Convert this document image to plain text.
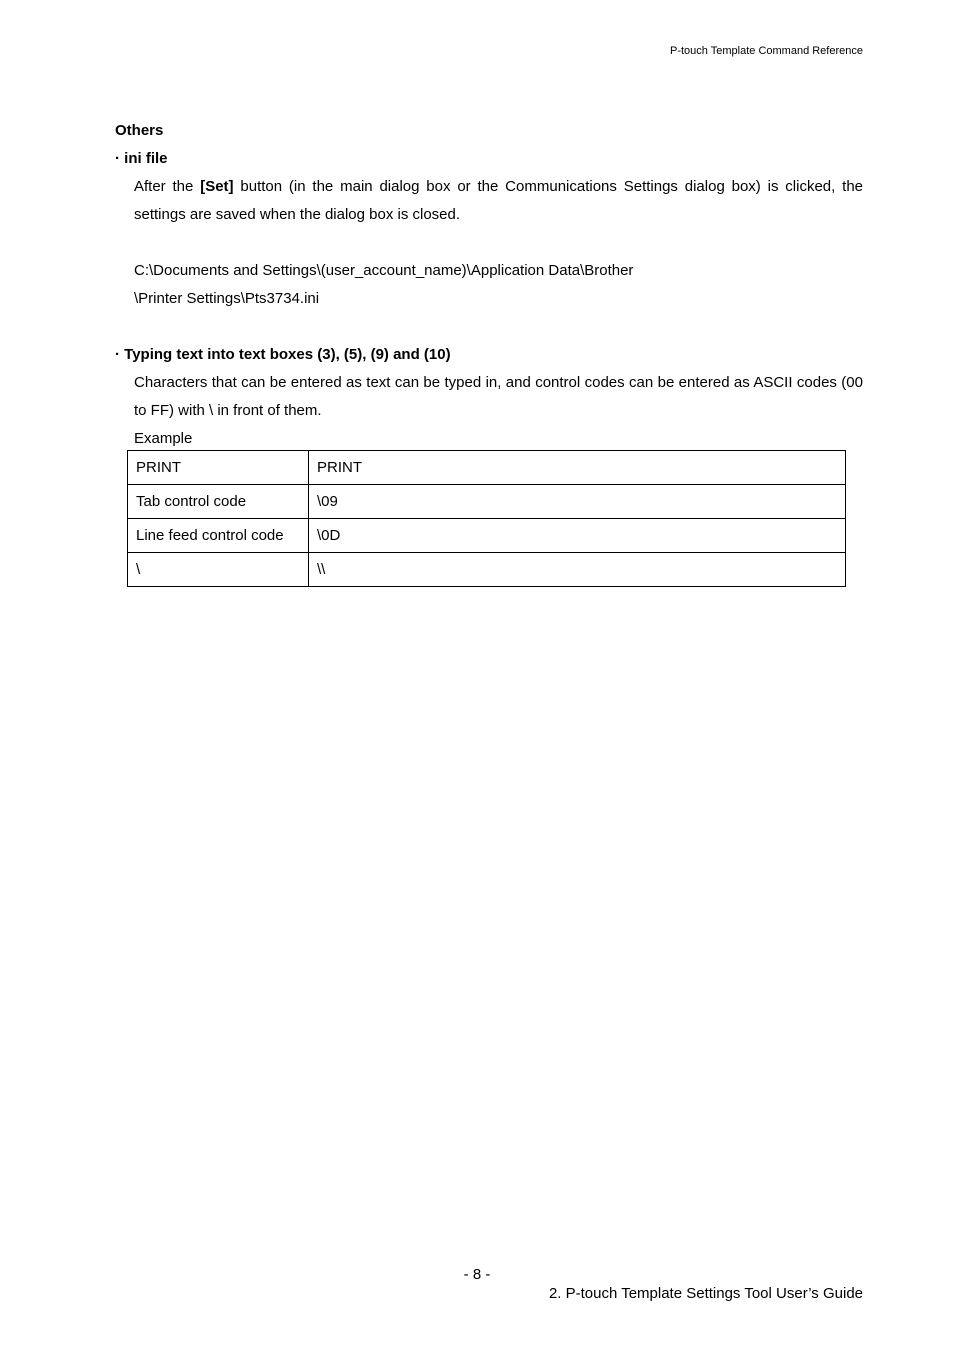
P-touch Template Command Reference

Others

· ini file

After the [Set] button (in the main dialog box or the Communications Settings dialog box) is clicked, the settings are saved when the dialog box is closed.

C:\Documents and Settings\(user_account_name)\Application Data\Brother

\Printer Settings\Pts3734.ini

· Typing text into text boxes (3), (5), (9) and (10)

Characters that can be entered as text can be typed in, and control codes can be entered as ASCII codes (00 to FF) with \ in front of them.

Example

PRINT	PRINT
Tab control code	\09
Line feed control code	\0D
\	\\
- 8 -
2. P-touch Template Settings Tool User’s Guide
